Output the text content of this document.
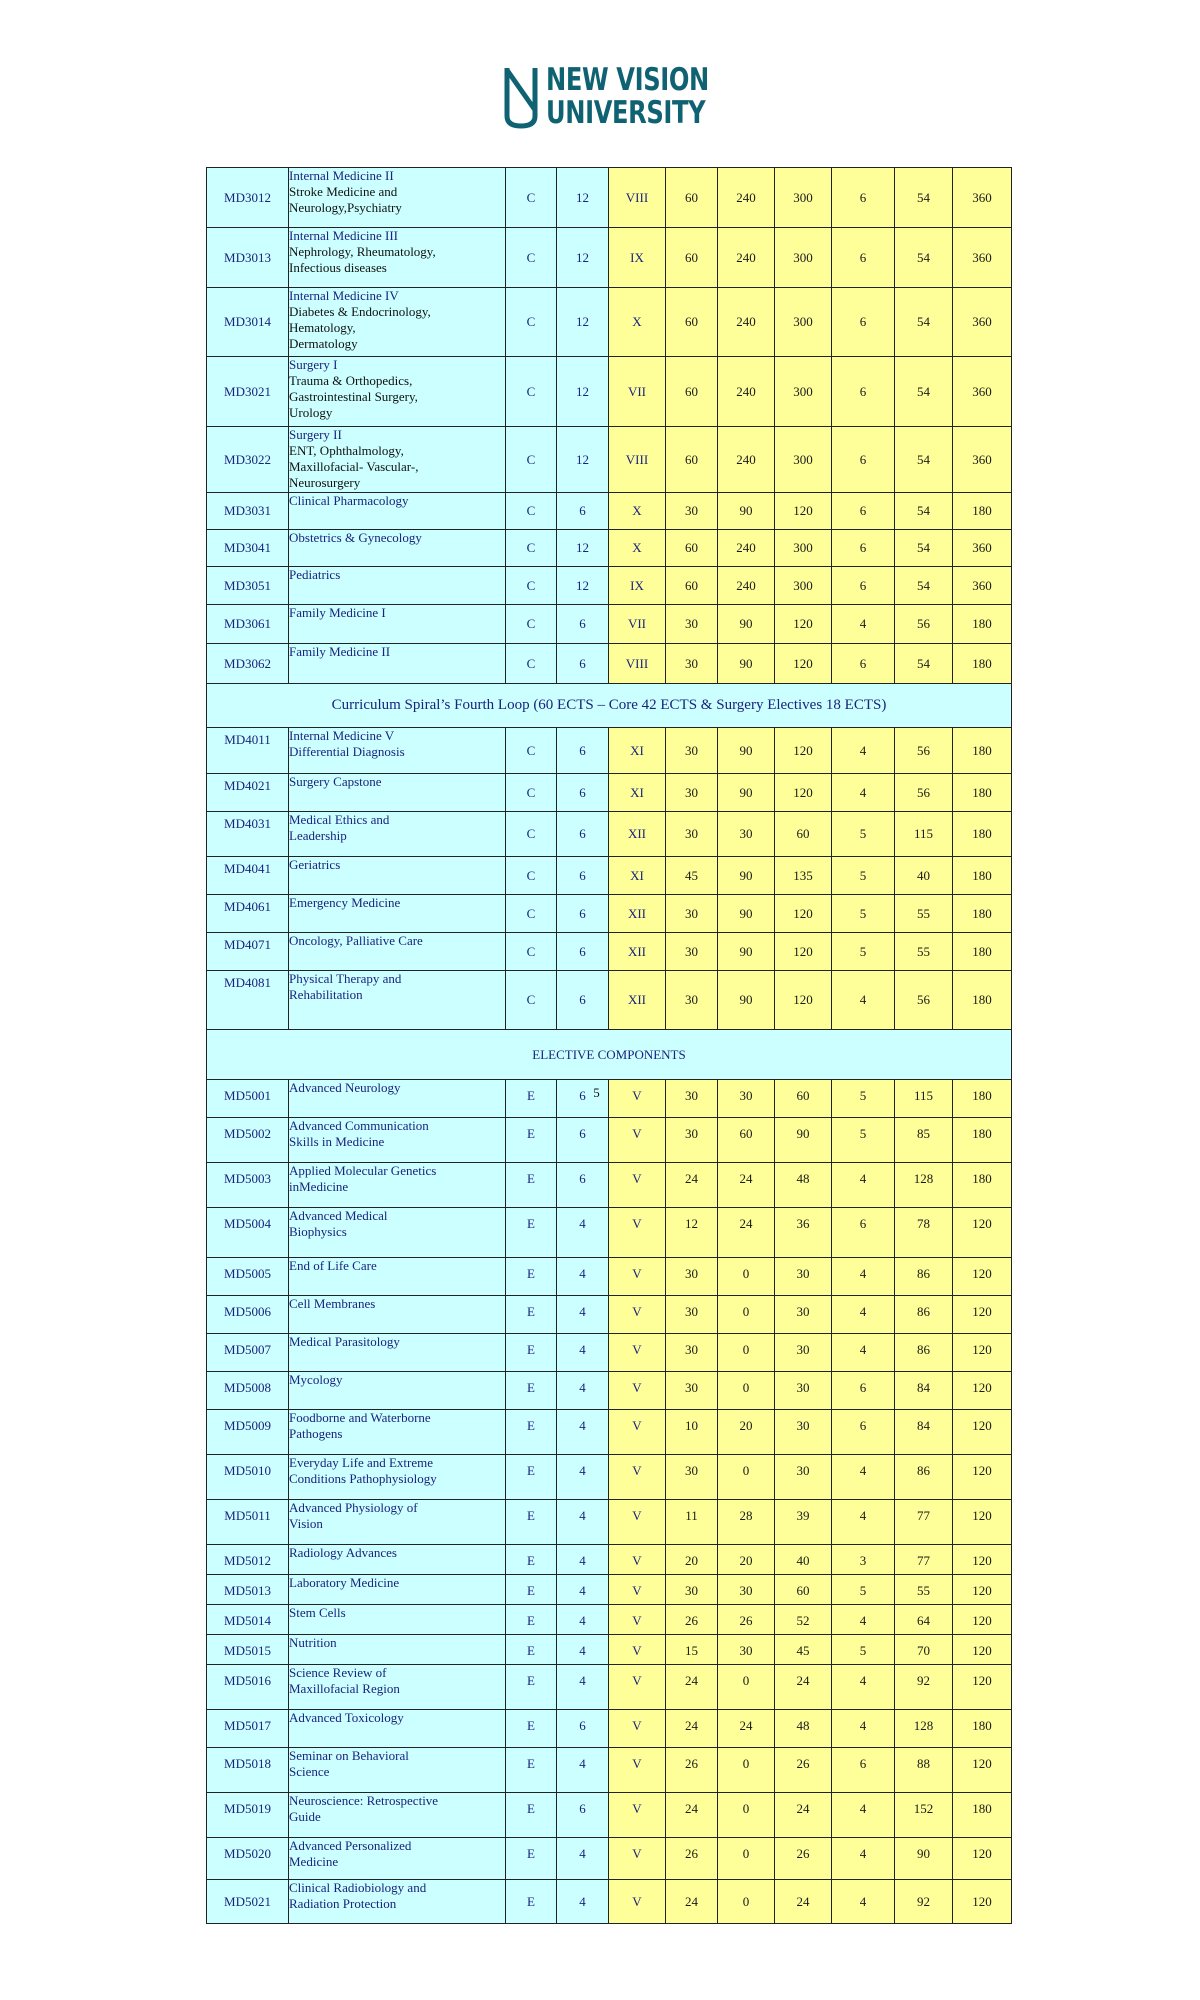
NEW VISION
UNIVERSITY
MD3012	Internal Medicine II
Stroke Medicine and
Neurology,Psychiatry	C	12	VIII	60	240	300	6	54	360
MD3013	Internal Medicine III
Nephrology, Rheumatology,
Infectious diseases	C	12	IX	60	240	300	6	54	360
MD3014	Internal Medicine IV
Diabetes & Endocrinology,
Hematology,
Dermatology	C	12	X	60	240	300	6	54	360
MD3021	Surgery I
Trauma & Orthopedics,
Gastrointestinal Surgery,
Urology	C	12	VII	60	240	300	6	54	360
MD3022	Surgery II
ENT, Ophthalmology,
Maxillofacial- Vascular-,
Neurosurgery	C	12	VIII	60	240	300	6	54	360
MD3031	Clinical Pharmacology	C	6	X	30	90	120	6	54	180
MD3041	Obstetrics & Gynecology	C	12	X	60	240	300	6	54	360
MD3051	Pediatrics	C	12	IX	60	240	300	6	54	360
MD3061	Family Medicine I	C	6	VII	30	90	120	4	56	180
MD3062	Family Medicine II	C	6	VIII	30	90	120	6	54	180
Curriculum Spiral’s Fourth Loop (60 ECTS – Core 42 ECTS & Surgery Electives 18 ECTS)										
MD4011	Internal Medicine V
Differential Diagnosis	C	6	XI	30	90	120	4	56	180
MD4021	Surgery Capstone	C	6	XI	30	90	120	4	56	180
MD4031	Medical Ethics and
Leadership	C	6	XII	30	30	60	5	115	180
MD4041	Geriatrics	C	6	XI	45	90	135	5	40	180
MD4061	Emergency Medicine	C	6	XII	30	90	120	5	55	180
MD4071	Oncology, Palliative Care	C	6	XII	30	90	120	5	55	180
MD4081	Physical Therapy and
Rehabilitation	C	6	XII	30	90	120	4	56	180
ELECTIVE COMPONENTS										
MD5001	Advanced Neurology	E	6 5	V	30	30	60	5	115	180
MD5002	Advanced Communication
Skills in Medicine	E	6	V	30	60	90	5	85	180
MD5003	Applied Molecular Genetics
inMedicine	E	6	V	24	24	48	4	128	180
MD5004	Advanced Medical
Biophysics	E	4	V	12	24	36	6	78	120
MD5005	End of Life Care	E	4	V	30	0	30	4	86	120
MD5006	Cell Membranes	E	4	V	30	0	30	4	86	120
MD5007	Medical Parasitology	E	4	V	30	0	30	4	86	120
MD5008	Mycology	E	4	V	30	0	30	6	84	120
MD5009	Foodborne and Waterborne
Pathogens	E	4	V	10	20	30	6	84	120
MD5010	Everyday Life and Extreme
Conditions Pathophysiology	E	4	V	30	0	30	4	86	120
MD5011	Advanced Physiology of
Vision	E	4	V	11	28	39	4	77	120
MD5012	Radiology Advances	E	4	V	20	20	40	3	77	120
MD5013	Laboratory Medicine	E	4	V	30	30	60	5	55	120
MD5014	Stem Cells	E	4	V	26	26	52	4	64	120
MD5015	Nutrition	E	4	V	15	30	45	5	70	120
MD5016	Science Review of
Maxillofacial Region	E	4	V	24	0	24	4	92	120
MD5017	Advanced Toxicology	E	6	V	24	24	48	4	128	180
MD5018	Seminar on Behavioral
Science	E	4	V	26	0	26	6	88	120
MD5019	Neuroscience: Retrospective
Guide	E	6	V	24	0	24	4	152	180
MD5020	Advanced Personalized
Medicine	E	4	V	26	0	26	4	90	120
MD5021	Clinical Radiobiology and
Radiation Protection	E	4	V	24	0	24	4	92	120
